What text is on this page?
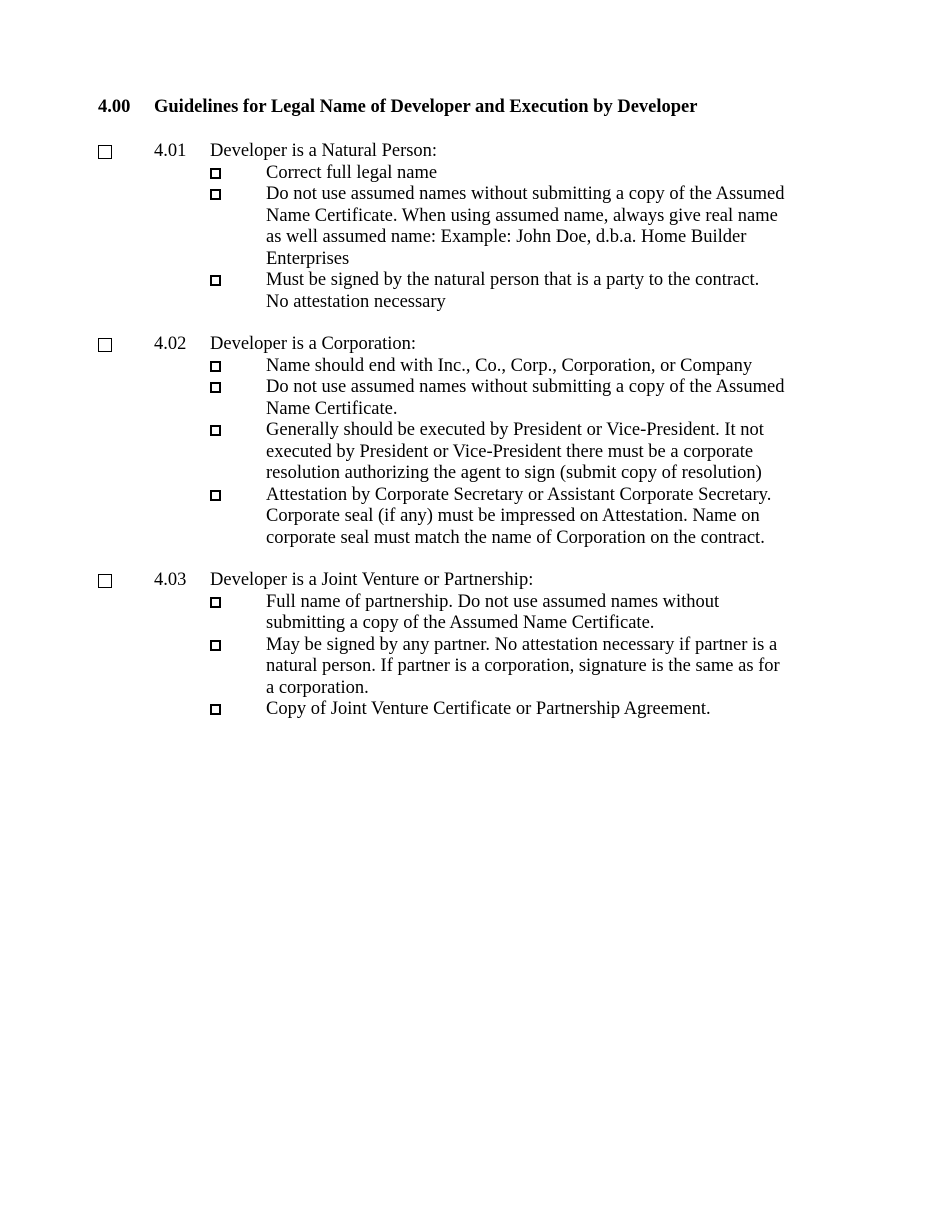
4.00 Guidelines for Legal Name of Developer and Execution by Developer
4.01 Developer is a Natural Person:
Correct full legal name
Do not use assumed names without submitting a copy of the Assumed Name Certificate. When using assumed name, always give real name as well assumed name: Example: John Doe, d.b.a. Home Builder Enterprises
Must be signed by the natural person that is a party to the contract. No attestation necessary
4.02 Developer is a Corporation:
Name should end with Inc., Co., Corp., Corporation, or Company
Do not use assumed names without submitting a copy of the Assumed Name Certificate.
Generally should be executed by President or Vice-President. It not executed by President or Vice-President there must be a corporate resolution authorizing the agent to sign (submit copy of resolution)
Attestation by Corporate Secretary or Assistant Corporate Secretary. Corporate seal (if any) must be impressed on Attestation. Name on corporate seal must match the name of Corporation on the contract.
4.03 Developer is a Joint Venture or Partnership:
Full name of partnership. Do not use assumed names without submitting a copy of the Assumed Name Certificate.
May be signed by any partner. No attestation necessary if partner is a natural person. If partner is a corporation, signature is the same as for a corporation.
Copy of Joint Venture Certificate or Partnership Agreement.
